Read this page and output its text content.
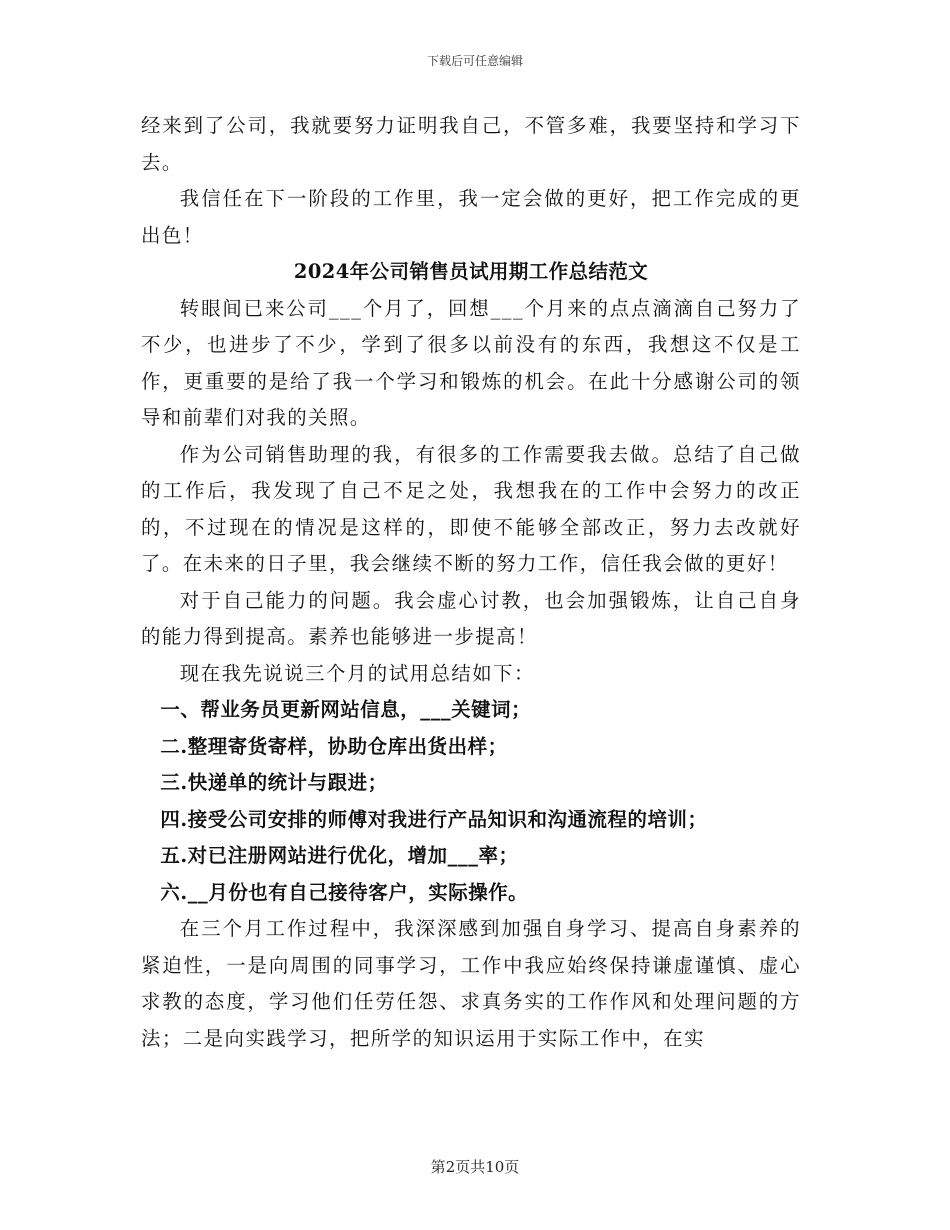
下载后可任意编辑

经来到了公司，我就要努力证明我自己，不管多难，我要坚持和学习下去。

我信任在下一阶段的工作里，我一定会做的更好，把工作完成的更出色！

2024年公司销售员试用期工作总结范文

转眼间已来公司___个月了，回想___个月来的点点滴滴自己努力了不少，也进步了不少，学到了很多以前没有的东西，我想这不仅是工作，更重要的是给了我一个学习和锻炼的机会。在此十分感谢公司的领导和前辈们对我的关照。

作为公司销售助理的我，有很多的工作需要我去做。总结了自己做的工作后，我发现了自己不足之处，我想我在的工作中会努力的改正的，不过现在的情况是这样的，即使不能够全部改正，努力去改就好了。在未来的日子里，我会继续不断的努力工作，信任我会做的更好！

对于自己能力的问题。我会虚心讨教，也会加强锻炼，让自己自身的能力得到提高。素养也能够进一步提高！

现在我先说说三个月的试用总结如下：

一、帮业务员更新网站信息，___关键词；

二.整理寄货寄样，协助仓库出货出样；

三.快递单的统计与跟进；

四.接受公司安排的师傅对我进行产品知识和沟通流程的培训；

五.对已注册网站进行优化，增加___率；

六.__月份也有自己接待客户，实际操作。

在三个月工作过程中，我深深感到加强自身学习、提高自身素养的紧迫性，一是向周围的同事学习，工作中我应始终保持谦虚谨慎、虚心求教的态度，学习他们任劳任怨、求真务实的工作作风和处理问题的方法；二是向实践学习，把所学的知识运用于实际工作中，在实

第2页共10页
